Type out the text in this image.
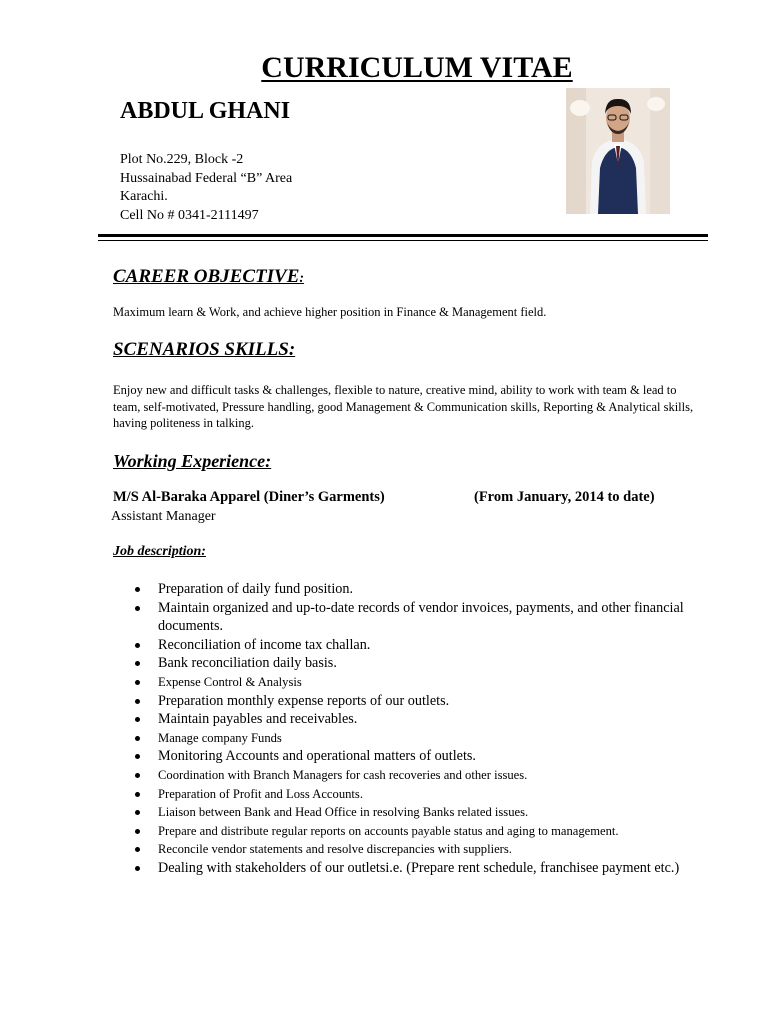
CURRICULUM VITAE
ABDUL GHANI
Plot No.229, Block -2
Hussainabad Federal “B” Area
Karachi.
Cell No # 0341-2111497
CAREER OBJECTIVE:
Maximum learn & Work, and achieve higher position in Finance & Management field.
SCENARIOS SKILLS:
Enjoy new and difficult tasks & challenges, flexible to nature, creative mind, ability to work with team & lead to team, self-motivated, Pressure handling, good Management & Communication skills, Reporting & Analytical skills, having politeness in talking.
Working Experience:
M/S Al-Baraka Apparel (Diner’s Garments)	(From January, 2014 to date)
Assistant Manager
Job description:
Preparation of daily fund position.
Maintain organized and up-to-date records of vendor invoices, payments, and other financial documents.
Reconciliation of income tax challan.
Bank reconciliation daily basis.
Expense Control & Analysis
Preparation monthly expense reports of our outlets.
Maintain payables and receivables.
Manage company Funds
Monitoring Accounts and operational matters of outlets.
Coordination with Branch Managers for cash recoveries and other issues.
Preparation of Profit and Loss Accounts.
Liaison between Bank and Head Office in resolving Banks related issues.
Prepare and distribute regular reports on accounts payable status and aging to management.
Reconcile vendor statements and resolve discrepancies with suppliers.
Dealing with stakeholders of our outletsi.e. (Prepare rent schedule, franchisee payment etc.)
